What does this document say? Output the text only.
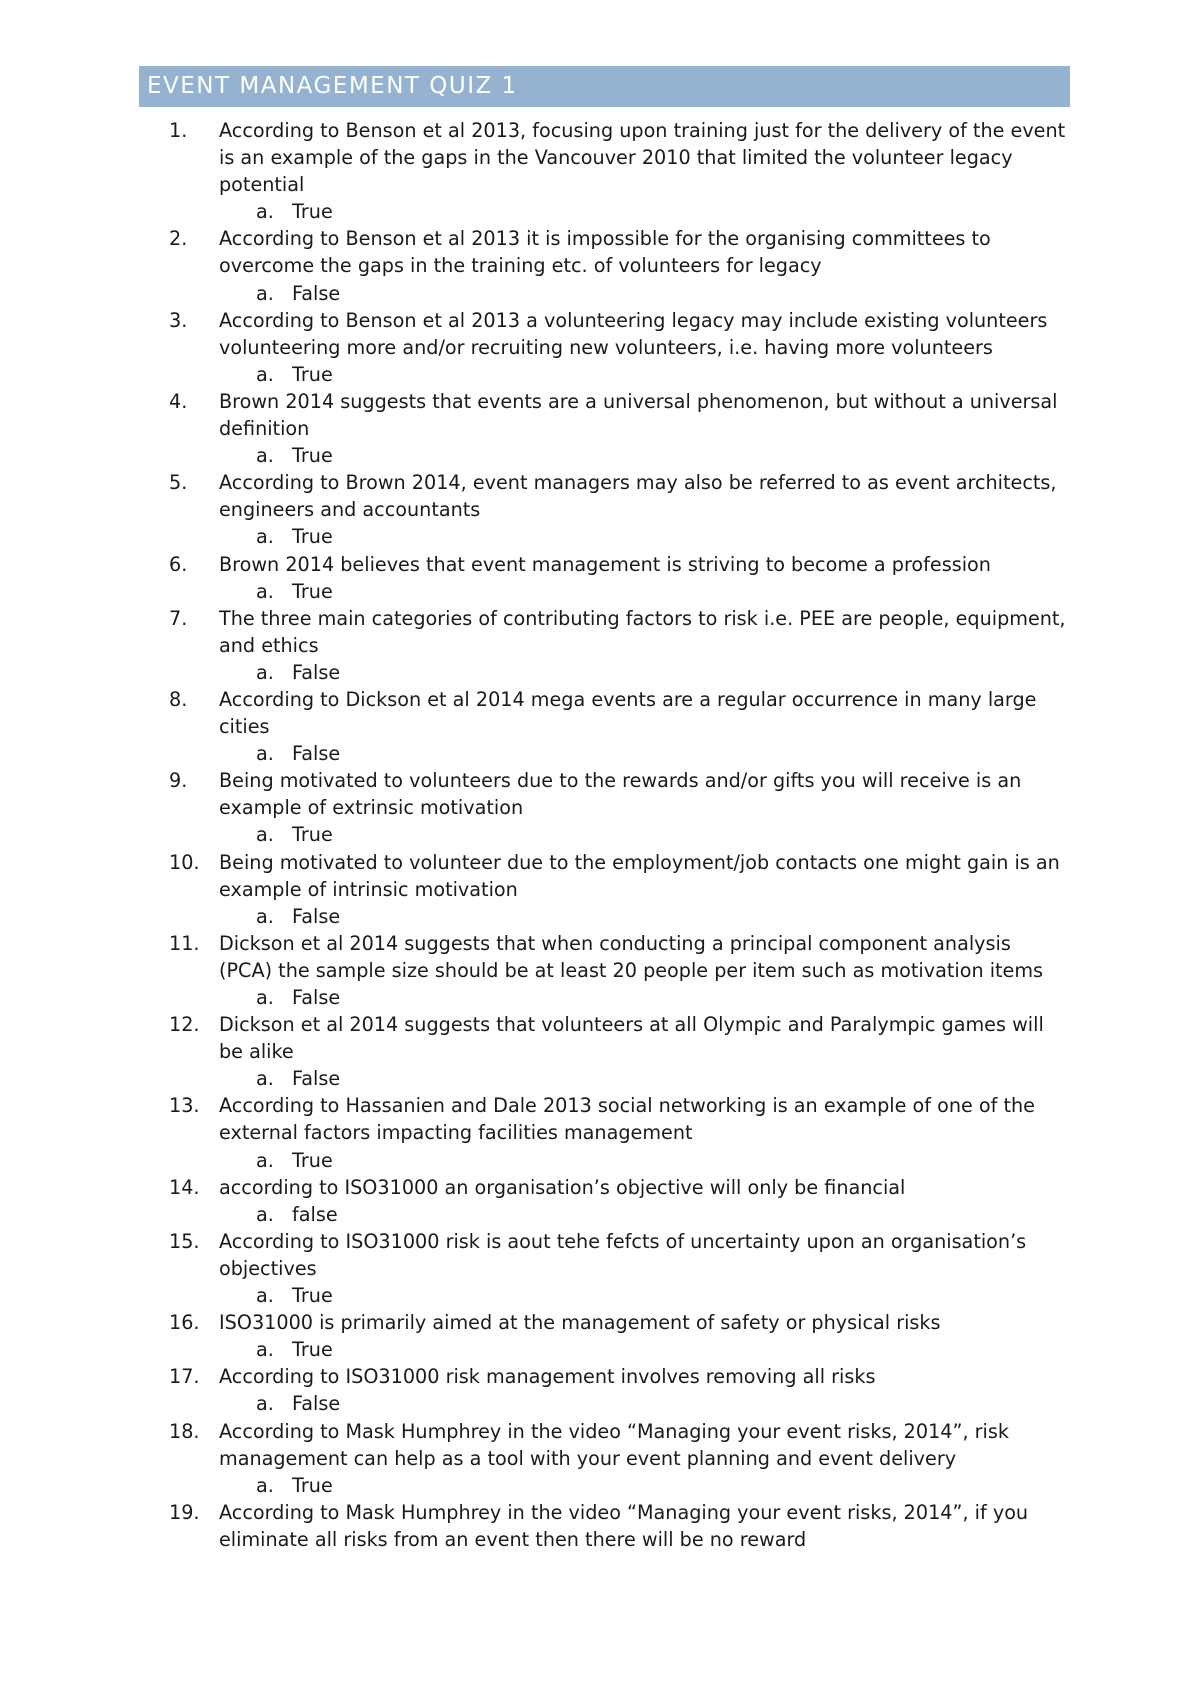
EVENT MANAGEMENT QUIZ 1
1.	According to Benson et al 2013, focusing upon training just for the delivery of the event is an example of the gaps in the Vancouver 2010 that limited the volunteer legacy potential
a. True
2.	According to Benson et al 2013 it is impossible for the organising committees to overcome the gaps in the training etc. of volunteers for legacy
a. False
3.	According to Benson et al 2013 a volunteering legacy may include existing volunteers volunteering more and/or recruiting new volunteers, i.e. having more volunteers
a. True
4.	Brown 2014 suggests that events are a universal phenomenon, but without a universal definition
a. True
5.	According to Brown 2014, event managers may also be referred to as event architects, engineers and accountants
a. True
6.	Brown 2014 believes that event management is striving to become a profession
a. True
7.	The three main categories of contributing factors to risk i.e. PEE are people, equipment, and ethics
a. False
8.	According to Dickson et al 2014 mega events are a regular occurrence in many large cities
a. False
9.	Being motivated to volunteers due to the rewards and/or gifts you will receive is an example of extrinsic motivation
a. True
10.	Being motivated to volunteer due to the employment/job contacts one might gain is an example of intrinsic motivation
a. False
11.	Dickson et al 2014 suggests that when conducting a principal component analysis (PCA) the sample size should be at least 20 people per item such as motivation items
a. False
12.	Dickson et al 2014 suggests that volunteers at all Olympic and Paralympic games will be alike
a. False
13.	According to Hassanien and Dale 2013 social networking is an example of one of the external factors impacting facilities management
a. True
14.	according to ISO31000 an organisation’s objective will only be financial
a. false
15.	According to ISO31000 risk is aout tehe fefcts of uncertainty upon an organisation’s objectives
a. True
16.	ISO31000 is primarily aimed at the management of safety or physical risks
a. True
17.	According to ISO31000 risk management involves removing all risks
a. False
18.	According to Mask Humphrey in the video “Managing your event risks, 2014”, risk management can help as a tool with your event planning and event delivery
a. True
19.	According to Mask Humphrey in the video “Managing your event risks, 2014”, if you eliminate all risks from an event then there will be no reward
